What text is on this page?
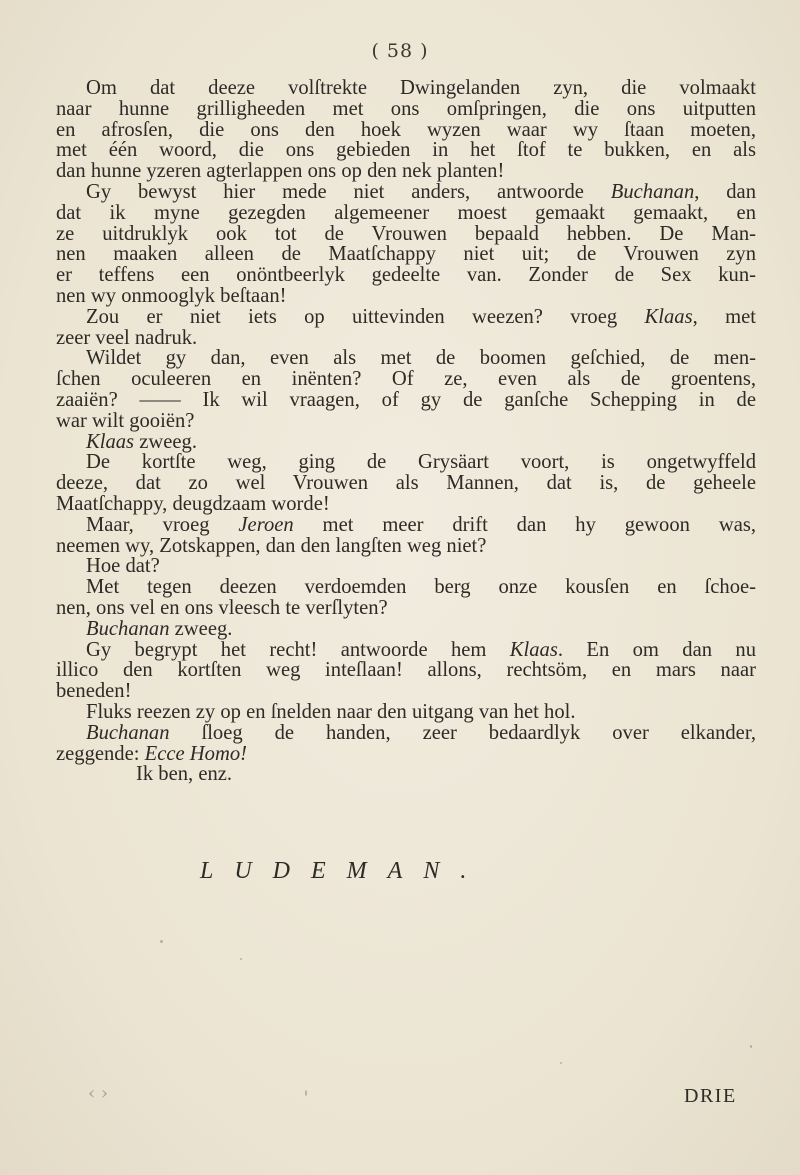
( 58 )
Om dat deeze volſtrekte Dwingelanden zyn, die volmaakt
naar hunne grilligheeden met ons omſpringen, die ons uitputten
en afrosſen, die ons den hoek wyzen waar wy ſtaan moeten,
met één woord, die ons gebieden in het ſtof te bukken, en als
dan hunne yzeren agterlappen ons op den nek planten!
Gy bewyst hier mede niet anders, antwoorde Buchanan, dan
dat ik myne gezegden algemeener moest gemaakt gemaakt, en
ze uitdruklyk ook tot de Vrouwen bepaald hebben. De Man-
nen maaken alleen de Maatſchappy niet uit; de Vrouwen zyn
er teffens een onöntbeerlyk gedeelte van. Zonder de Sex kun-
nen wy onmooglyk beſtaan!
Zou er niet iets op uittevinden weezen? vroeg Klaas, met
zeer veel nadruk.
Wildet gy dan, even als met de boomen geſchied, de men-
ſchen oculeeren en inënten? Of ze, even als de groentens,
zaaiën? —— Ik wil vraagen, of gy de ganſche Schepping in de
war wilt gooiën?
Klaas zweeg.
De kortſte weg, ging de Grysäart voort, is ongetwyffeld
deeze, dat zo wel Vrouwen als Mannen, dat is, de geheele
Maatſchappy, deugdzaam worde!
Maar, vroeg Jeroen met meer drift dan hy gewoon was,
neemen wy, Zotskappen, dan den langſten weg niet?
Hoe dat?
Met tegen deezen verdoemden berg onze kousſen en ſchoe-
nen, ons vel en ons vleesch te verſlyten?
Buchanan zweeg.
Gy begrypt het recht! antwoorde hem Klaas. En om dan nu
illico den kortſten weg inteſlaan! allons, rechtsöm, en mars naar
beneden!
Fluks reezen zy op en ſnelden naar den uitgang van het hol.
Buchanan ſloeg de handen, zeer bedaardlyk over elkander,
zeggende: Ecce Homo!
Ik ben, enz.
LUDEMAN.
‹ ›	DRIE
